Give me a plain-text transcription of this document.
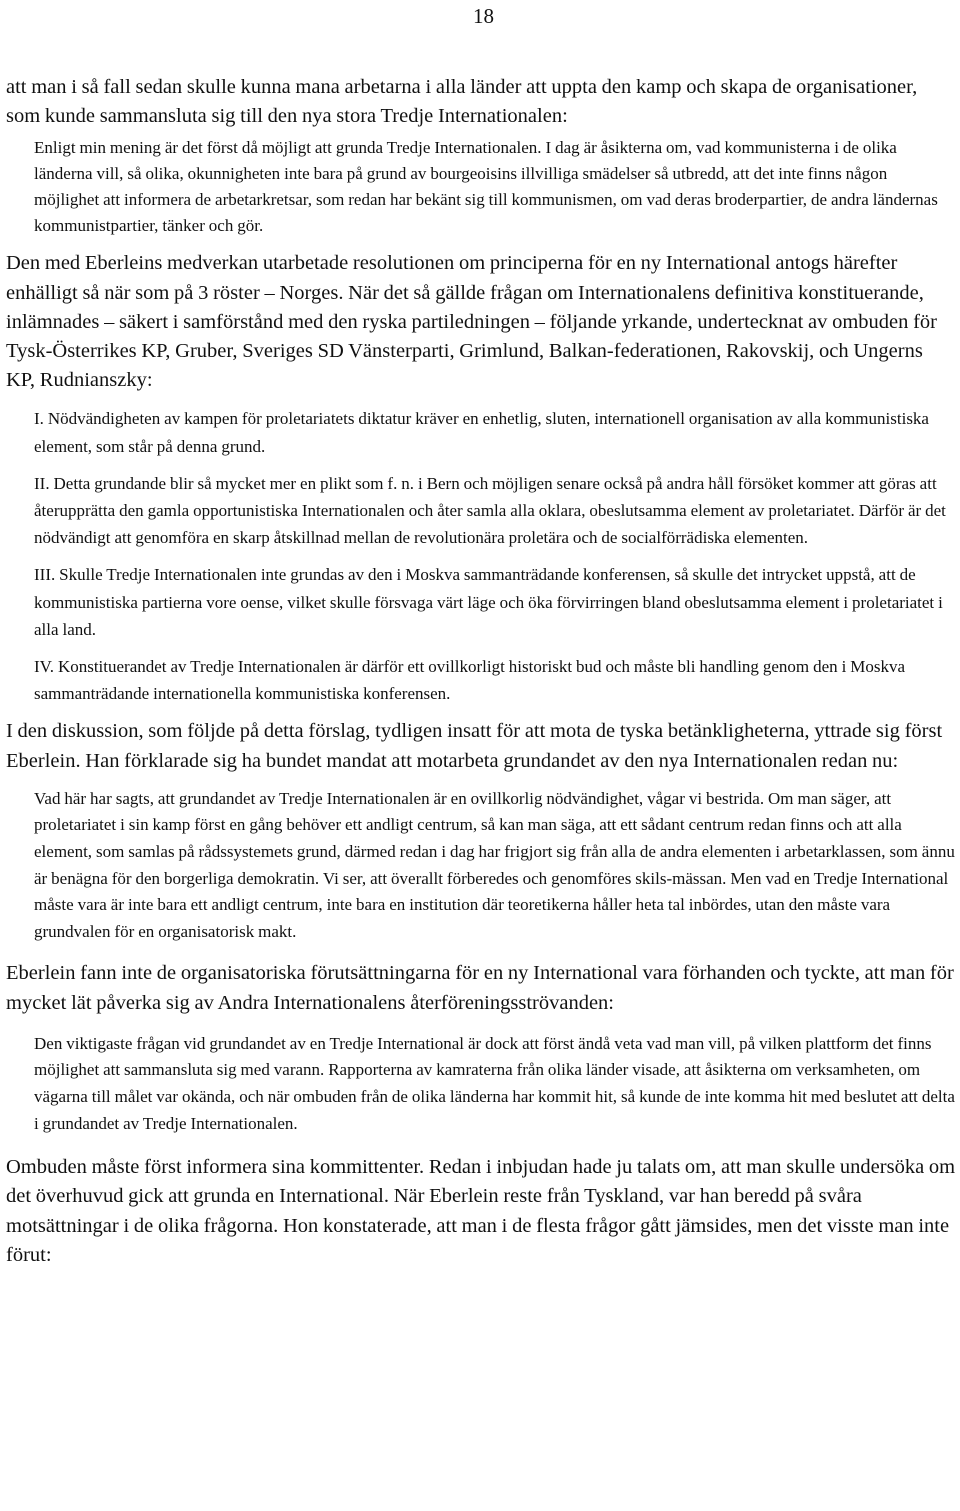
18

att man i så fall sedan skulle kunna mana arbetarna i alla länder att uppta den kamp och skapa de organisationer, som kunde sammansluta sig till den nya stora Tredje Internationalen:

Enligt min mening är det först då möjligt att grunda Tredje Internationalen. I dag är åsikterna om, vad kommunisterna i de olika länderna vill, så olika, okunnigheten inte bara på grund av bourgeoisins illvilliga smädelser så utbredd, att det inte finns någon möjlighet att informera de arbetarkretsar, som redan har bekänt sig till kommunismen, om vad deras broderpartier, de andra ländernas kommunistpartier, tänker och gör.

Den med Eberleins medverkan utarbetade resolutionen om principerna för en ny International antogs härefter enhälligt så när som på 3 röster – Norges. När det så gällde frågan om Internationalens definitiva konstituerande, inlämnades – säkert i samförstånd med den ryska partiledningen – följande yrkande, undertecknat av ombuden för Tysk-Österrikes KP, Gruber, Sveriges SD Vänsterparti, Grimlund, Balkan-federationen, Rakovskij, och Ungerns KP, Rudnianszky:

I. Nödvändigheten av kampen för proletariatets diktatur kräver en enhetlig, sluten, internationell organisation av alla kommunistiska element, som står på denna grund.

II. Detta grundande blir så mycket mer en plikt som f. n. i Bern och möjligen senare också på andra håll försöket kommer att göras att återupprätta den gamla opportunistiska Internationalen och åter samla alla oklara, obeslutsamma element av proletariatet. Därför är det nödvändigt att genomföra en skarp åtskillnad mellan de revolutionära proletära och de socialförrädiska elementen.

III. Skulle Tredje Internationalen inte grundas av den i Moskva sammanträdande konferensen, så skulle det intrycket uppstå, att de kommunistiska partierna vore oense, vilket skulle försvaga värt läge och öka förvirringen bland obeslutsamma element i proletariatet i alla land.

IV. Konstituerandet av Tredje Internationalen är därför ett ovillkorligt historiskt bud och måste bli handling genom den i Moskva sammanträdande internationella kommunistiska konferensen.

I den diskussion, som följde på detta förslag, tydligen insatt för att mota de tyska betänkligheterna, yttrade sig först Eberlein. Han förklarade sig ha bundet mandat att motarbeta grundandet av den nya Internationalen redan nu:

Vad här har sagts, att grundandet av Tredje Internationalen är en ovillkorlig nödvändighet, vågar vi bestrida. Om man säger, att proletariatet i sin kamp först en gång behöver ett andligt centrum, så kan man säga, att ett sådant centrum redan finns och att alla element, som samlas på rådssystemets grund, därmed redan i dag har frigjort sig från alla de andra elementen i arbetarklassen, som ännu är benägna för den borgerliga demokratin. Vi ser, att överallt förberedes och genomföres skils-mässan. Men vad en Tredje International måste vara är inte bara ett andligt centrum, inte bara en institution där teoretikerna håller heta tal inbördes, utan den måste vara grundvalen för en organisatorisk makt.

Eberlein fann inte de organisatoriska förutsättningarna för en ny International vara förhanden och tyckte, att man för mycket lät påverka sig av Andra Internationalens återföreningsströvanden:

Den viktigaste frågan vid grundandet av en Tredje International är dock att först ändå veta vad man vill, på vilken plattform det finns möjlighet att sammansluta sig med varann. Rapporterna av kamraterna från olika länder visade, att åsikterna om verksamheten, om vägarna till målet var okända, och när ombuden från de olika länderna har kommit hit, så kunde de inte komma hit med beslutet att delta i grundandet av Tredje Internationalen.

Ombuden måste först informera sina kommittenter. Redan i inbjudan hade ju talats om, att man skulle undersöka om det överhuvud gick att grunda en International. När Eberlein reste från Tyskland, var han beredd på svåra motsättningar i de olika frågorna. Hon konstaterade, att man i de flesta frågor gått jämsides, men det visste man inte förut:
